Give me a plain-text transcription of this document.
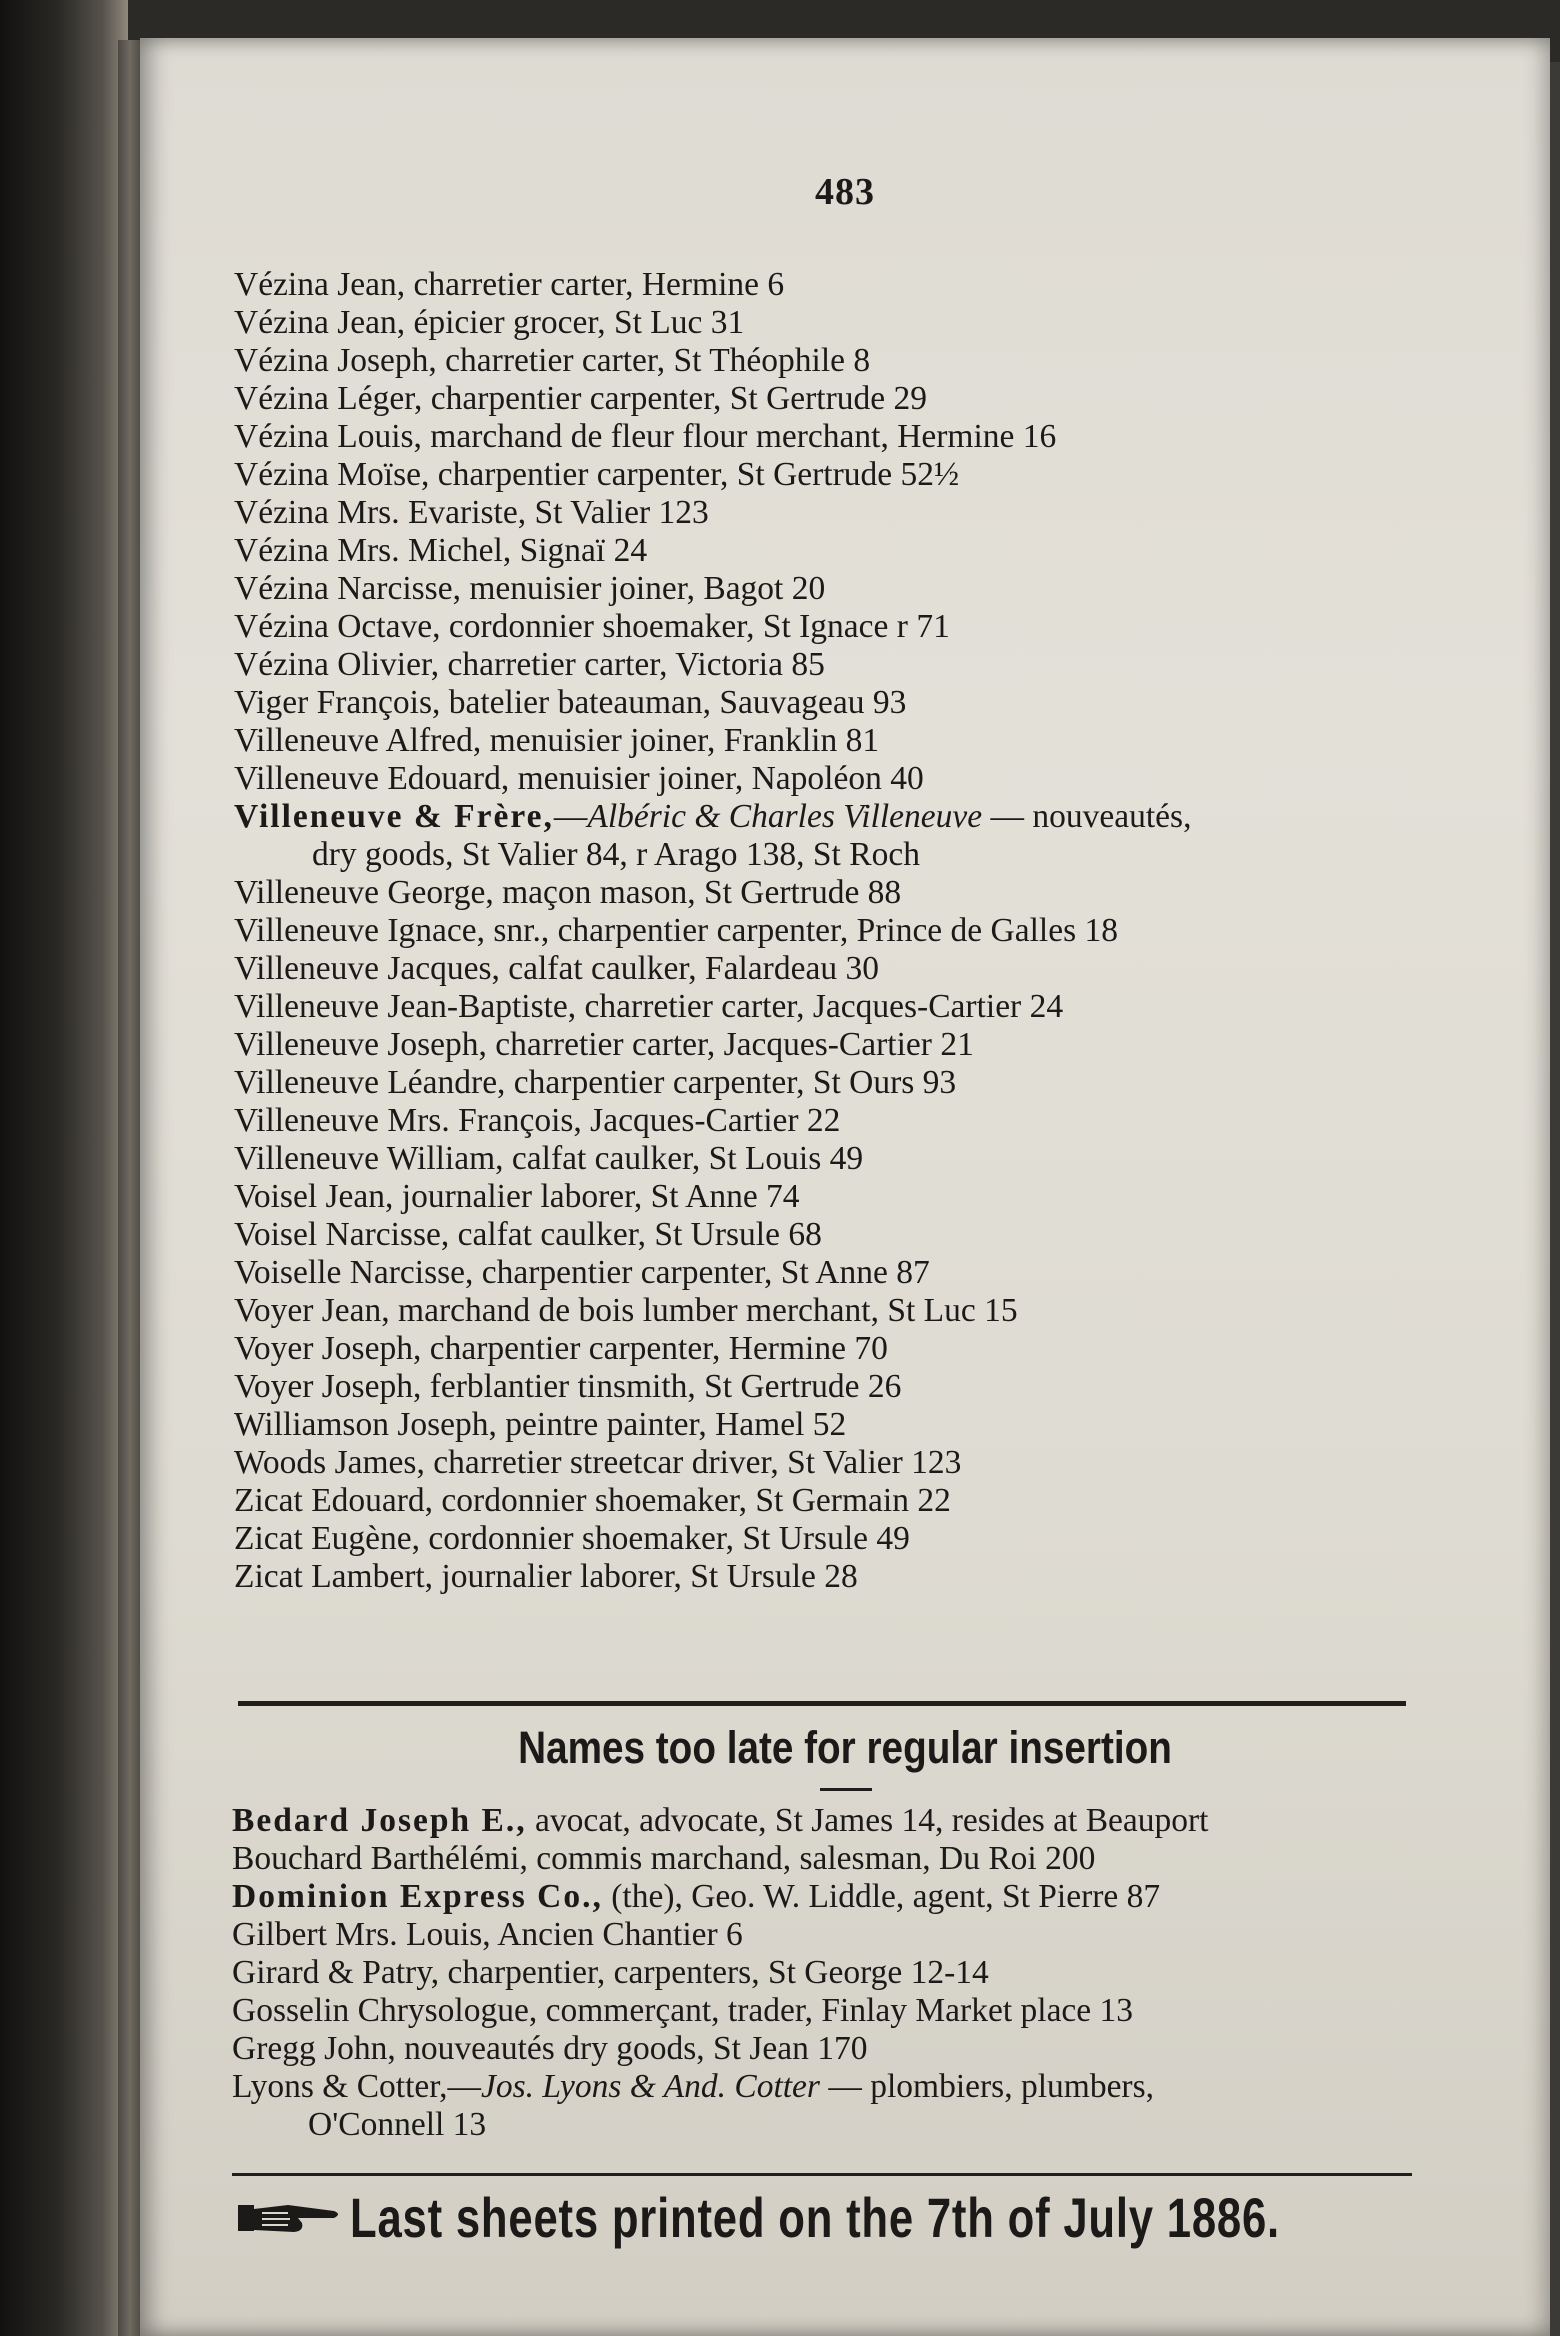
483
Vézina Jean, charretier carter, Hermine 6
Vézina Jean, épicier grocer, St Luc 31
Vézina Joseph, charretier carter, St Théophile 8
Vézina Léger, charpentier carpenter, St Gertrude 29
Vézina Louis, marchand de fleur flour merchant, Hermine 16
Vézina Moïse, charpentier carpenter, St Gertrude 52½
Vézina Mrs. Evariste, St Valier 123
Vézina Mrs. Michel, Signaï 24
Vézina Narcisse, menuisier joiner, Bagot 20
Vézina Octave, cordonnier shoemaker, St Ignace r 71
Vézina Olivier, charretier carter, Victoria 85
Viger François, batelier bateauman, Sauvageau 93
Villeneuve Alfred, menuisier joiner, Franklin 81
Villeneuve Edouard, menuisier joiner, Napoléon 40
Villeneuve & Frère,—Albéric & Charles Villeneuve — nouveautés,
dry goods, St Valier 84, r Arago 138, St Roch
Villeneuve George, maçon mason, St Gertrude 88
Villeneuve Ignace, snr., charpentier carpenter, Prince de Galles 18
Villeneuve Jacques, calfat caulker, Falardeau 30
Villeneuve Jean-Baptiste, charretier carter, Jacques-Cartier 24
Villeneuve Joseph, charretier carter, Jacques-Cartier 21
Villeneuve Léandre, charpentier carpenter, St Ours 93
Villeneuve Mrs. François, Jacques-Cartier 22
Villeneuve William, calfat caulker, St Louis 49
Voisel Jean, journalier laborer, St Anne 74
Voisel Narcisse, calfat caulker, St Ursule 68
Voiselle Narcisse, charpentier carpenter, St Anne 87
Voyer Jean, marchand de bois lumber merchant, St Luc 15
Voyer Joseph, charpentier carpenter, Hermine 70
Voyer Joseph, ferblantier tinsmith, St Gertrude 26
Williamson Joseph, peintre painter, Hamel 52
Woods James, charretier streetcar driver, St Valier 123
Zicat Edouard, cordonnier shoemaker, St Germain 22
Zicat Eugène, cordonnier shoemaker, St Ursule 49
Zicat Lambert, journalier laborer, St Ursule 28
Names too late for regular insertion
Bedard Joseph E., avocat, advocate, St James 14, resides at Beauport
Bouchard Barthélémi, commis marchand, salesman, Du Roi 200
Dominion Express Co., (the), Geo. W. Liddle, agent, St Pierre 87
Gilbert Mrs. Louis, Ancien Chantier 6
Girard & Patry, charpentier, carpenters, St George 12-14
Gosselin Chrysologue, commerçant, trader, Finlay Market place 13
Gregg John, nouveautés dry goods, St Jean 170
Lyons & Cotter,—Jos. Lyons & And. Cotter — plombiers, plumbers,
O'Connell 13
Last sheets printed on the 7th of July 1886.
